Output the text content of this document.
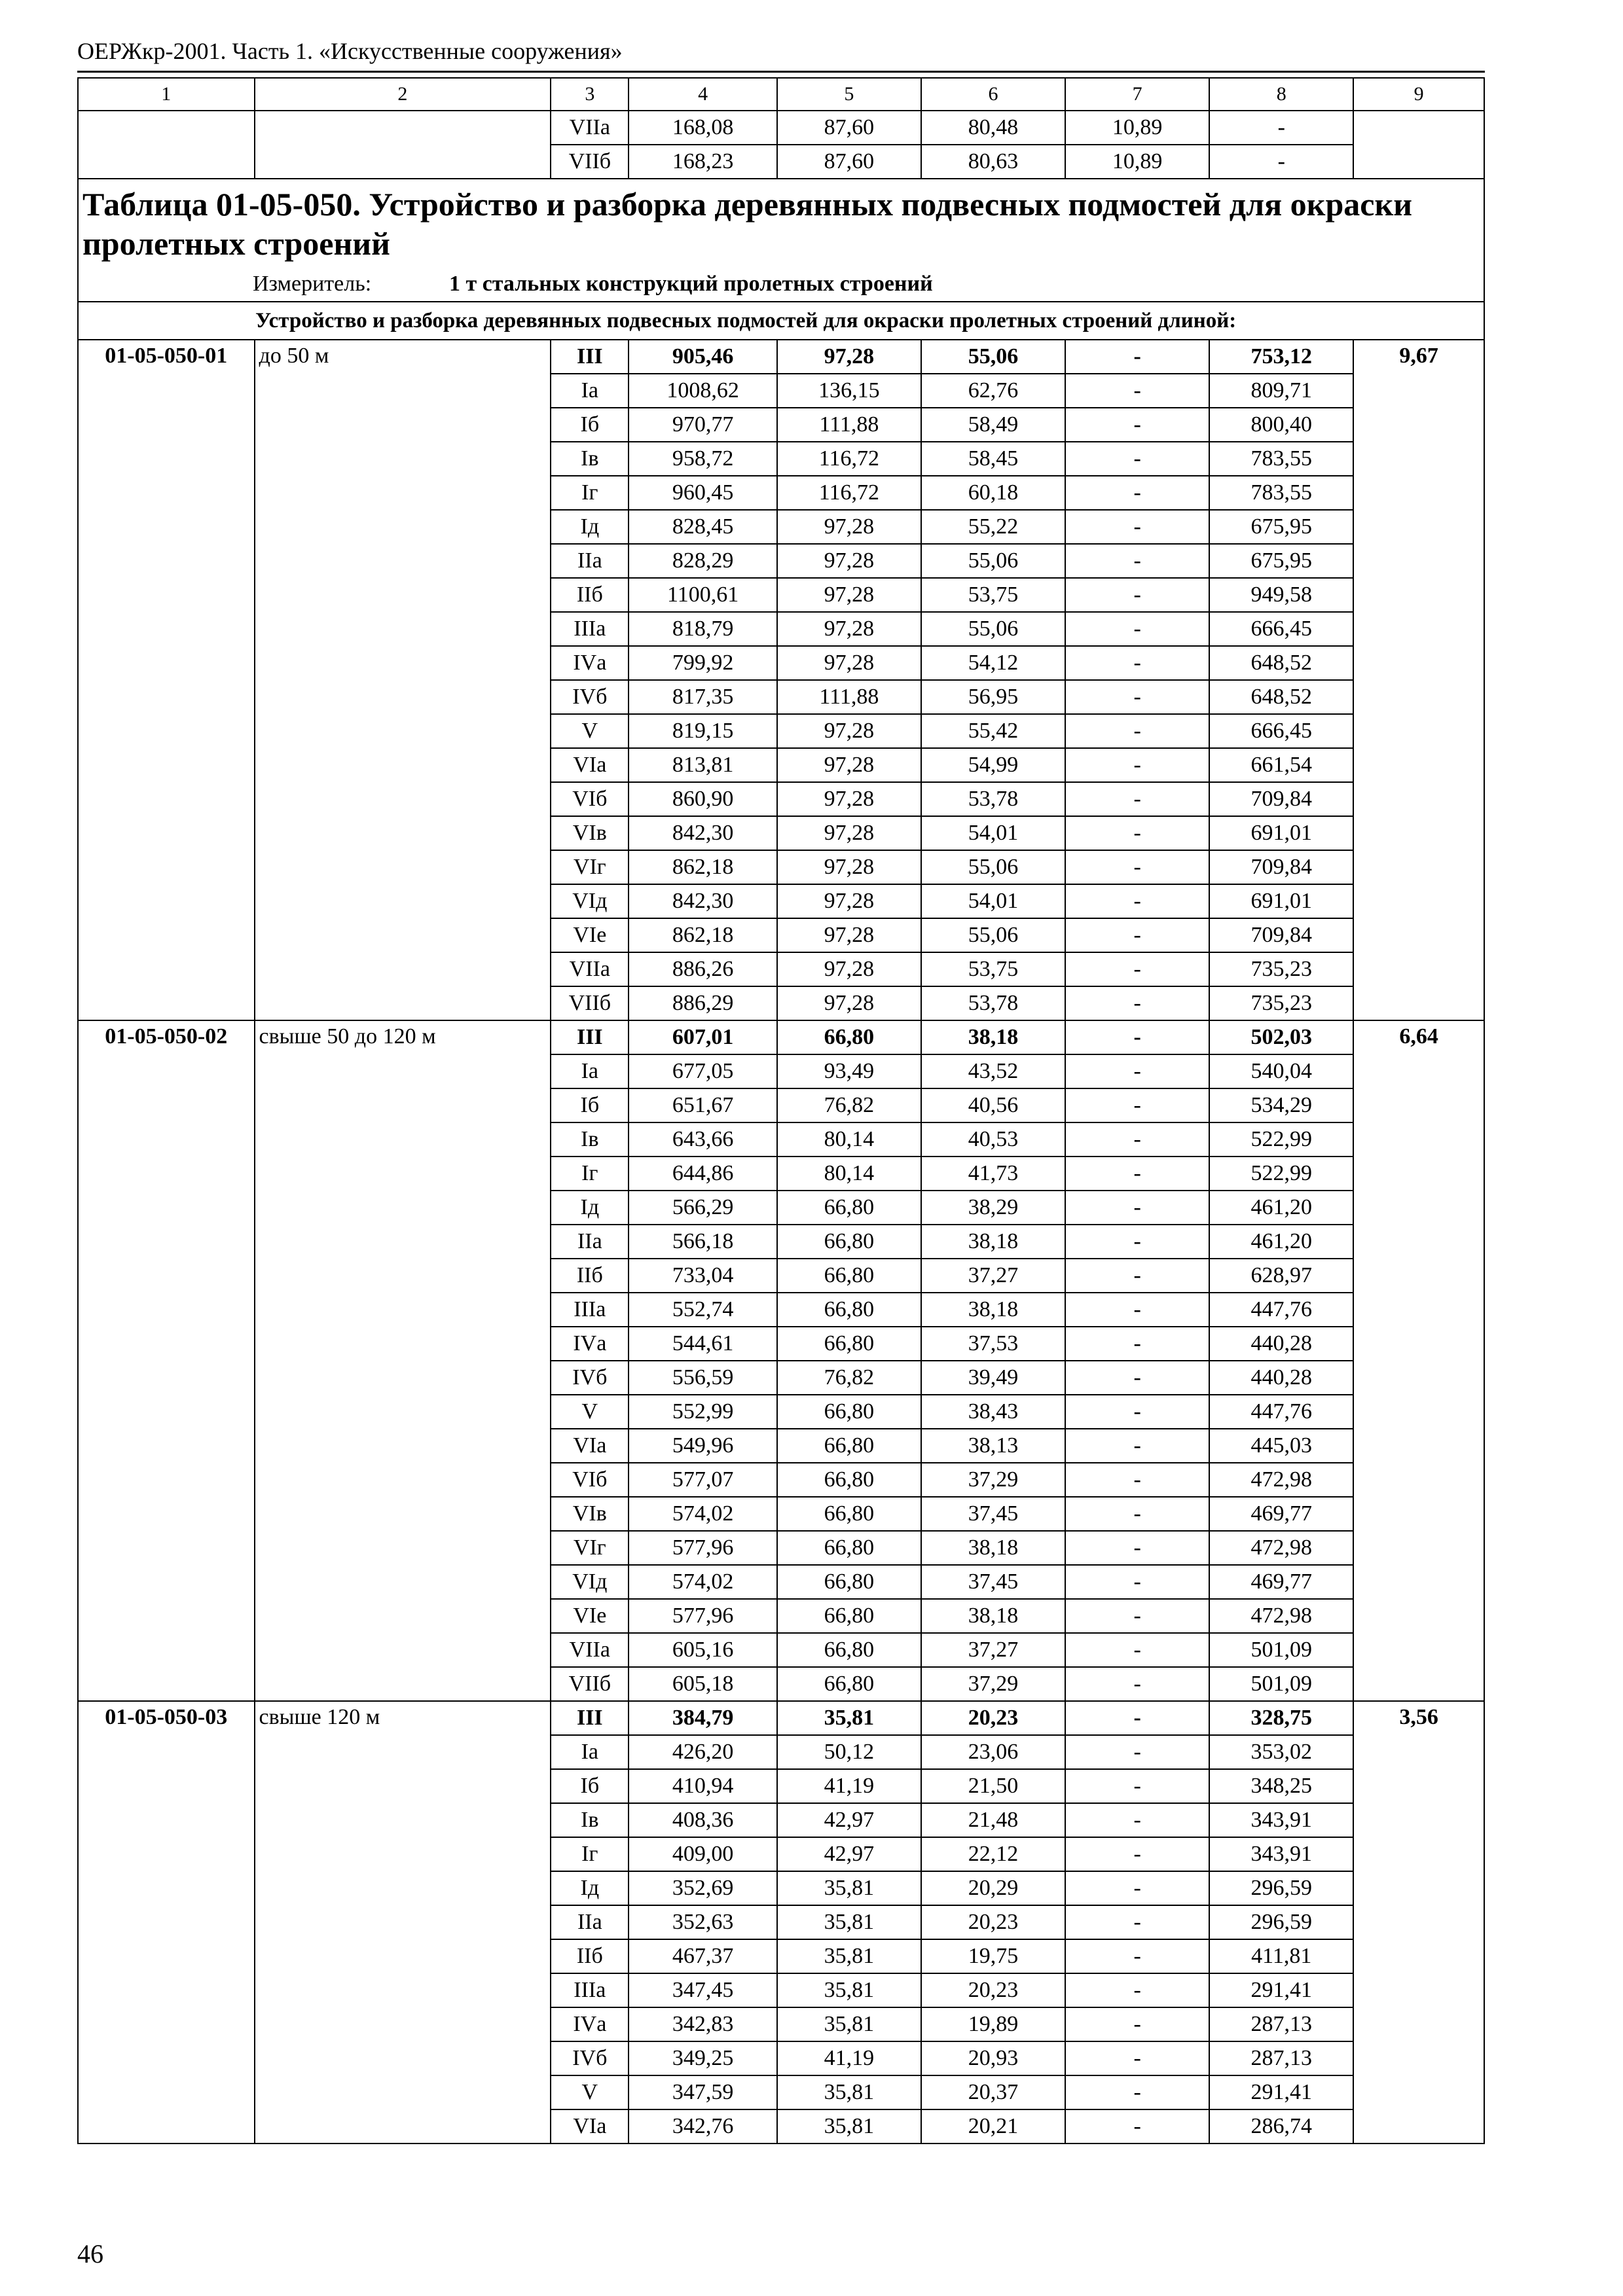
ОЕРЖкр-2001. Часть 1. «Искусственные сооружения»
1	2	3	4	5	6	7	8	9
		VIIа	168,08	87,60	80,48	10,89	-	
		VIIб	168,23	87,60	80,63	10,89	-	

Таблица 01-05-050. Устройство и разборка деревянных подвесных подмостей для окраски пролетных строений
Измеритель: 1 т стальных конструкций пролетных строений								

Устройство и разборка деревянных подвесных подмостей для окраски пролетных строений длиной:								
01-05-050-01	до 50 м	III	905,46	97,28	55,06	-	753,12	9,67
		Iа	1008,62	136,15	62,76	-	809,71	
		Iб	970,77	111,88	58,49	-	800,40	
		Iв	958,72	116,72	58,45	-	783,55	
		Iг	960,45	116,72	60,18	-	783,55	
		Iд	828,45	97,28	55,22	-	675,95	
		IIа	828,29	97,28	55,06	-	675,95	
		IIб	1100,61	97,28	53,75	-	949,58	
		IIIа	818,79	97,28	55,06	-	666,45	
		IVа	799,92	97,28	54,12	-	648,52	
		IVб	817,35	111,88	56,95	-	648,52	
		V	819,15	97,28	55,42	-	666,45	
		VIа	813,81	97,28	54,99	-	661,54	
		VIб	860,90	97,28	53,78	-	709,84	
		VIв	842,30	97,28	54,01	-	691,01	
		VIг	862,18	97,28	55,06	-	709,84	
		VIд	842,30	97,28	54,01	-	691,01	
		VIе	862,18	97,28	55,06	-	709,84	
		VIIа	886,26	97,28	53,75	-	735,23	
		VIIб	886,29	97,28	53,78	-	735,23	
01-05-050-02	свыше 50 до 120 м	III	607,01	66,80	38,18	-	502,03	6,64
		Iа	677,05	93,49	43,52	-	540,04	
		Iб	651,67	76,82	40,56	-	534,29	
		Iв	643,66	80,14	40,53	-	522,99	
		Iг	644,86	80,14	41,73	-	522,99	
		Iд	566,29	66,80	38,29	-	461,20	
		IIа	566,18	66,80	38,18	-	461,20	
		IIб	733,04	66,80	37,27	-	628,97	
		IIIа	552,74	66,80	38,18	-	447,76	
		IVа	544,61	66,80	37,53	-	440,28	
		IVб	556,59	76,82	39,49	-	440,28	
		V	552,99	66,80	38,43	-	447,76	
		VIа	549,96	66,80	38,13	-	445,03	
		VIб	577,07	66,80	37,29	-	472,98	
		VIв	574,02	66,80	37,45	-	469,77	
		VIг	577,96	66,80	38,18	-	472,98	
		VIд	574,02	66,80	37,45	-	469,77	
		VIе	577,96	66,80	38,18	-	472,98	
		VIIа	605,16	66,80	37,27	-	501,09	
		VIIб	605,18	66,80	37,29	-	501,09	
01-05-050-03	свыше 120 м	III	384,79	35,81	20,23	-	328,75	3,56
		Iа	426,20	50,12	23,06	-	353,02	
		Iб	410,94	41,19	21,50	-	348,25	
		Iв	408,36	42,97	21,48	-	343,91	
		Iг	409,00	42,97	22,12	-	343,91	
		Iд	352,69	35,81	20,29	-	296,59	
		IIа	352,63	35,81	20,23	-	296,59	
		IIб	467,37	35,81	19,75	-	411,81	
		IIIа	347,45	35,81	20,23	-	291,41	
		IVа	342,83	35,81	19,89	-	287,13	
		IVб	349,25	41,19	20,93	-	287,13	
		V	347,59	35,81	20,37	-	291,41	
		VIа	342,76	35,81	20,21	-	286,74	
46
